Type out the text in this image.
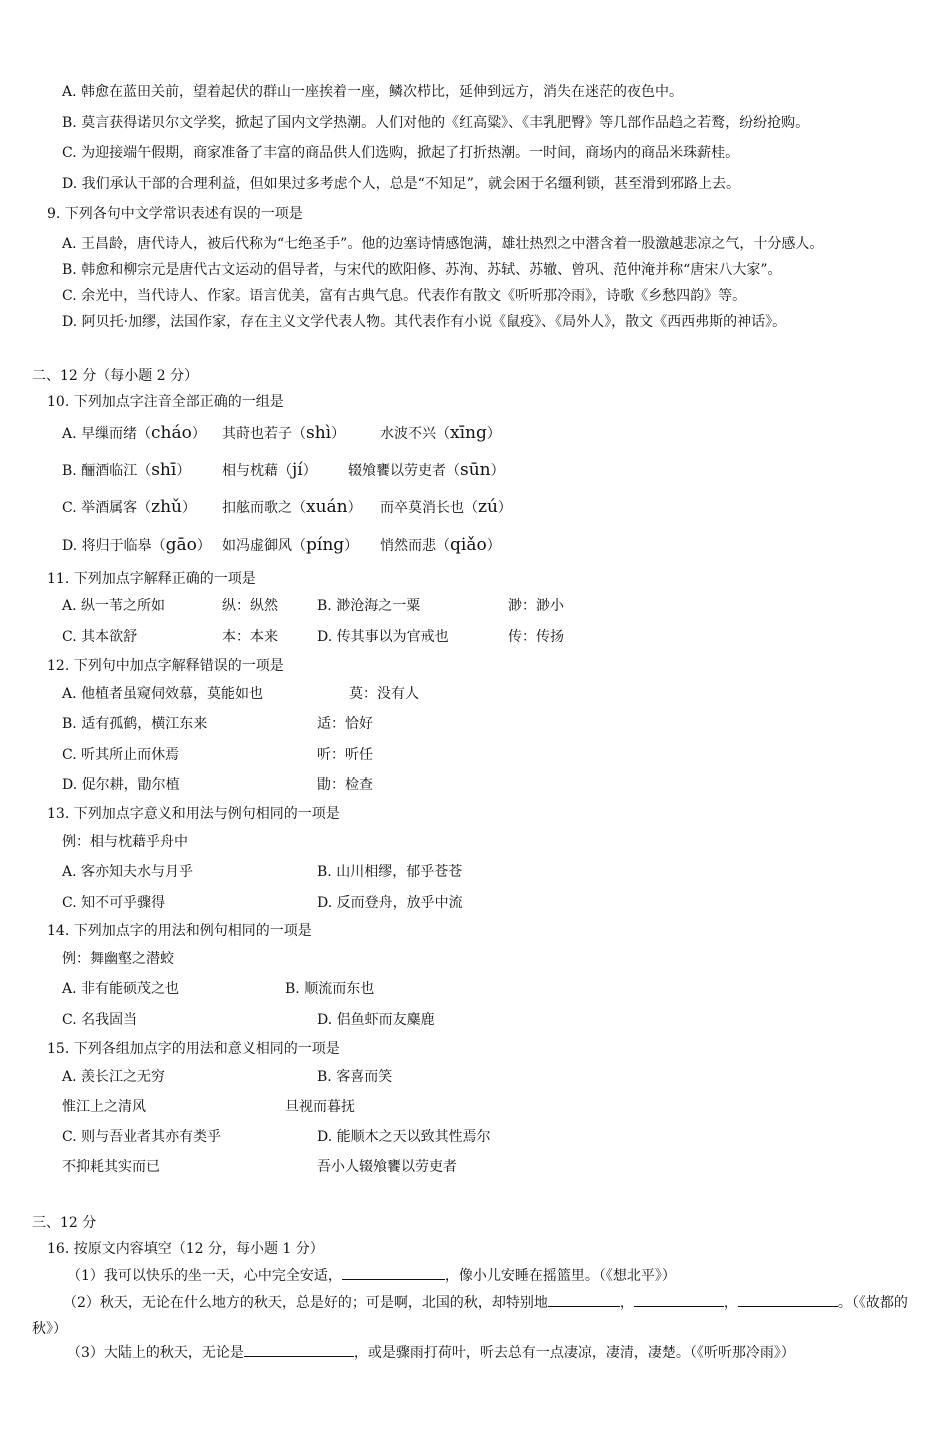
A. 韩愈在蓝田关前，望着起伏的群山一座挨着一座，鳞次栉比，延伸到远方，消失在迷茫的夜色中。
B. 莫言获得诺贝尔文学奖，掀起了国内文学热潮。人们对他的《红高粱》、《丰乳肥臀》等几部作品趋之若鹜，纷纷抢购。
C. 为迎接端午假期，商家准备了丰富的商品供人们选购，掀起了打折热潮。一时间，商场内的商品米珠薪桂。
D. 我们承认干部的合理利益，但如果过多考虑个人，总是“不知足”，就会困于名缰利锁，甚至滑到邪路上去。
9. 下列各句中文学常识表述有误的一项是
A. 王昌龄，唐代诗人，被后代称为“七绝圣手”。他的边塞诗情感饱满，雄壮热烈之中潜含着一股激越悲凉之气，十分感人。
B. 韩愈和柳宗元是唐代古文运动的倡导者，与宋代的欧阳修、苏洵、苏轼、苏辙、曾巩、范仲淹并称“唐宋八大家”。
C. 余光中，当代诗人、作家。语言优美，富有古典气息。代表作有散文《听听那冷雨》，诗歌《乡愁四韵》等。
D. 阿贝托·加缪，法国作家，存在主义文学代表人物。其代表作有小说《鼠疫》、《局外人》，散文《西西弗斯的神话》。
二、12 分（每小题 2 分）
10. 下列加点字注音全部正确的一组是
A. 早缫而绪（cháo） 其莳也若子（shì） 水波不兴（xīng）
B. 酾酒临江（shī） 相与枕藉（jí） 辍飧饔以劳吏者（sūn）
C. 举酒属客（zhǔ） 扣舷而歌之（xuán） 而卒莫消长也（zú）
D. 将归于临皋（gāo） 如冯虚御风（píng） 悄然而悲（qiǎo）
11. 下列加点字解释正确的一项是
A. 纵一苇之所如	纵：纵然	B. 渺沧海之一粟	渺：渺小
C. 其本欲舒	本：本来	D. 传其事以为官戒也	传：传扬
12. 下列句中加点字解释错误的一项是
A. 他植者虽窥伺效慕，莫能如也	莫：没有人
B. 适有孤鹤，横江东来	适：恰好
C. 听其所止而休焉	听：听任
D. 促尔耕，勖尔植	勖：检查
13. 下列加点字意义和用法与例句相同的一项是
例：相与枕藉乎舟中
A. 客亦知夫水与月乎	B. 山川相缪，郁乎苍苍
C. 知不可乎骤得	D. 反而登舟，放乎中流
14. 下列加点字的用法和例句相同的一项是
例：舞幽壑之潜蛟
A. 非有能硕茂之也	B. 顺流而东也
C. 名我固当	D. 侣鱼虾而友麋鹿
15. 下列各组加点字的用法和意义相同的一项是
A. 羡长江之无穷	B. 客喜而笑
惟江上之清风	旦视而暮抚
C. 则与吾业者其亦有类乎	D. 能顺木之天以致其性焉尔
不抑耗其实而已	吾小人辍飧饔以劳吏者
三、12 分
16. 按原文内容填空（12 分，每小题 1 分）
（1）我可以快乐的坐一天，心中完全安适，	，像小儿安睡在摇篮里。（《想北平》）
（2）秋天，无论在什么地方的秋天，总是好的；可是啊，北国的秋，却特别地	，	，	。（《故都的秋》）
（3）大陆上的秋天，无论是	，或是骤雨打荷叶，听去总有一点凄凉，凄清，凄楚。（《听听那冷雨》）
